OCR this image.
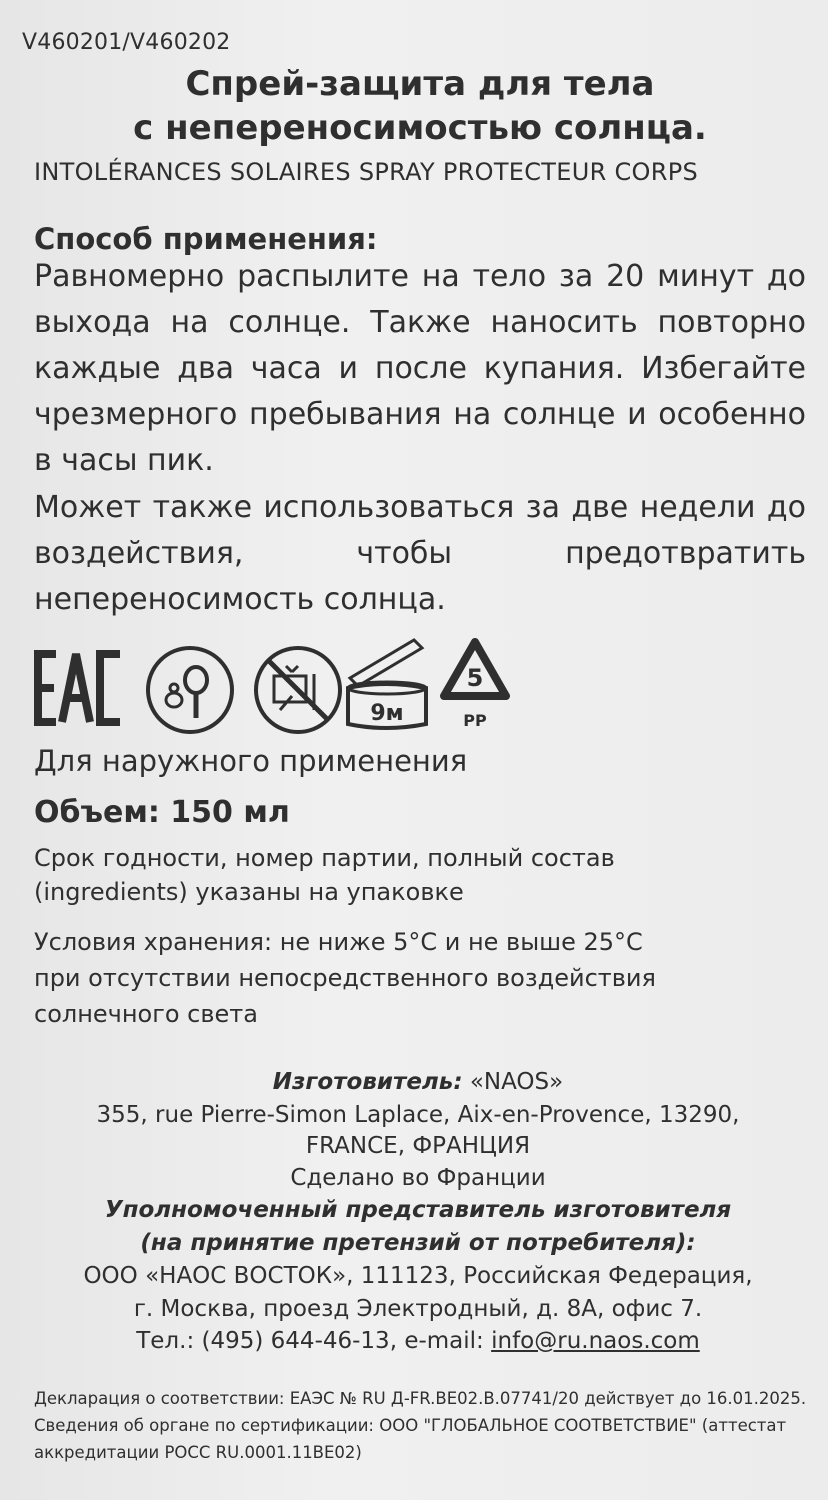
V460201/V460202
Спрей-защита для тела
с непереносимостью солнца.
INTOLÉRANCES SOLAIRES SPRAY PROTECTEUR CORPS
Способ применения:
Равномерно распылите на тело за 20 минут до выхода на солнце. Также наносить повторно каждые два часа и после купания. Избегайте чрезмерного пребывания на солнце и особенно в часы пик.
Может также использоваться за две недели до воздействия, чтобы предотвратить непереносимость солнца.
9м
5
PP
Для наружного применения
Объем: 150 мл
Срок годности, номер партии, полный состав
(ingredients) указаны на упаковке
Условия хранения: не ниже 5°С и не выше 25°С
при отсутствии непосредственного воздействия
солнечного света
Изготовитель: «NAOS»
355, rue Pierre-Simon Laplace, Aix-en-Provence, 13290,
FRANCE, ФРАНЦИЯ
Сделано во Франции
Уполномоченный представитель изготовителя
(на принятие претензий от потребителя):
ООО «НАОС ВОСТОК», 111123, Российская Федерация,
г. Москва, проезд Электродный, д. 8А, офис 7.
Тел.: (495) 644-46-13, e-mail: info@ru.naos.com
Декларация о соответствии: ЕАЭС № RU Д-FR.BE02.B.07741/20 действует до 16.01.2025.
Сведения об органе по сертификации: ООО "ГЛОБАЛЬНОЕ СООТВЕТСТВИЕ" (аттестат
аккредитации РОСС RU.0001.11ВЕ02)
